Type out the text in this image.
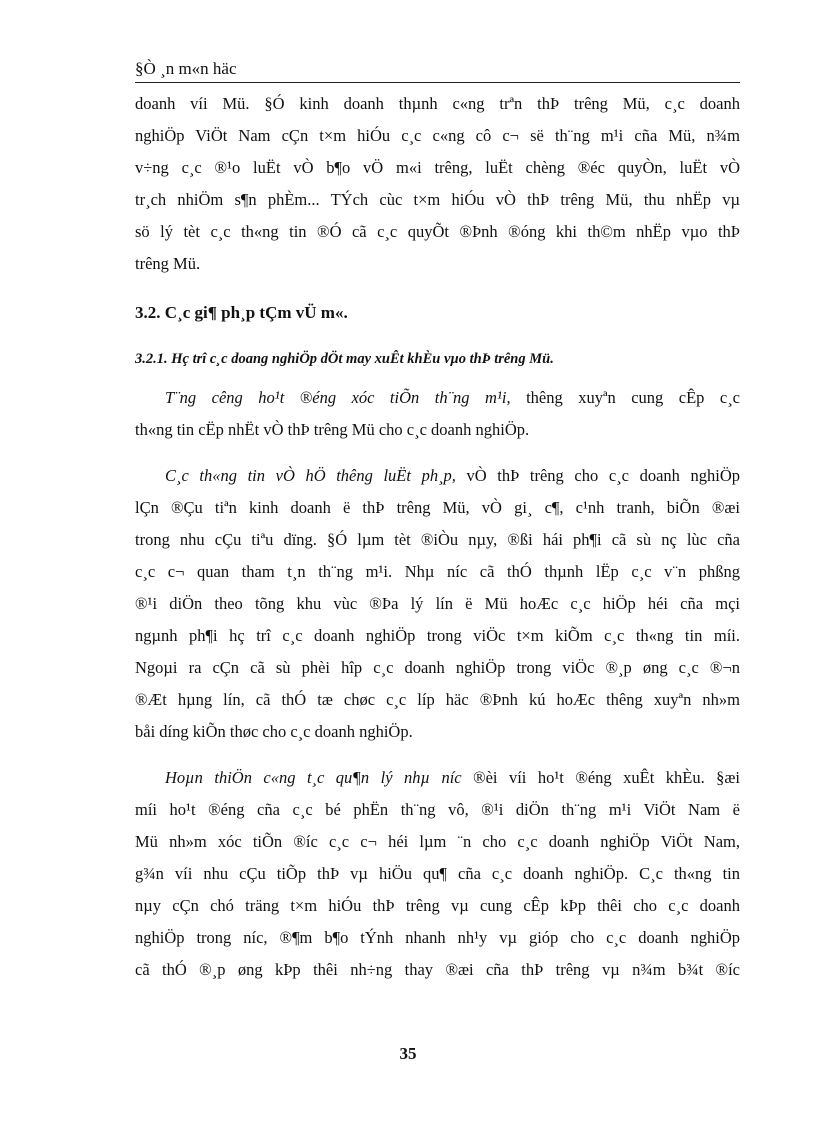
§Ò ¸n m«n häc
doanh víi Mü. §Ó kinh doanh thµnh c«ng trªn thÞ trêng Mü, c¸c doanh
nghiÖp ViÖt Nam cÇn t×m hiÓu c¸c c«ng cô c¬ së th¨ng m¹i cña Mü, n¾m
v÷ng c¸c ®¹o luËt vÒ b¶o vÖ m«i trêng, luËt chèng ®éc quyÒn, luËt vÒ
tr¸ch nhiÖm s¶n phÈm... TÝch cùc t×m hiÓu vÒ thÞ trêng Mü, thu nhËp vµ
sö lý tèt c¸c th«ng tin ®Ó cã c¸c quyÕt ®Þnh ®óng khi th©m nhËp vµo thÞ
trêng Mü.
3.2. C¸c gi¶ ph¸p tÇm vÜ m«.
3.2.1. Hç trî c¸c doang nghiÖp dÖt may xuÊt khÈu vµo thÞ trêng Mü.
T¨ng cêng ho¹t ®éng xóc tiÕn th¨ng m¹i, thêng xuyªn cung cÊp c¸c
th«ng tin cËp nhËt vÒ thÞ trêng Mü cho c¸c doanh nghiÖp.
C¸c th«ng tin vÒ hÖ thêng luËt ph¸p, vÒ thÞ trêng cho c¸c doanh nghiÖp
lÇn ®Çu tiªn kinh doanh ë thÞ trêng Mü, vÒ gi¸ c¶, c¹nh tranh, biÕn ®æi
trong nhu cÇu tiªu dïng. §Ó lµm tèt ®iÒu nµy, ®ßi hái ph¶i cã sù nç lùc cña
c¸c c¬ quan tham t¸n th¨ng m¹i. Nhµ níc cã thÓ thµnh lËp c¸c v¨n phßng
®¹i diÖn theo tõng khu vùc ®Þa lý lín ë Mü hoÆc c¸c hiÖp héi cña mçi
ngµnh ph¶i hç trî c¸c doanh nghiÖp trong viÖc t×m kiÕm c¸c th«ng tin míi.
Ngoµi ra cÇn cã sù phèi hîp c¸c doanh nghiÖp trong viÖc ®¸p øng c¸c ®¬n
®Æt hµng lín, cã thÓ tæ chøc c¸c líp häc ®Þnh kú hoÆc thêng xuyªn nh»m
båi díng kiÕn thøc cho c¸c doanh nghiÖp.
Hoµn thiÖn c«ng t¸c qu¶n lý nhµ níc ®èi víi ho¹t ®éng xuÊt khÈu. §æi
míi ho¹t ®éng cña c¸c bé phËn th¨ng vô, ®¹i diÖn th¨ng m¹i ViÖt Nam ë
Mü nh»m xóc tiÕn ®íc c¸c c¬ héi lµm ¨n cho c¸c doanh nghiÖp ViÖt Nam,
g¾n víi nhu cÇu tiÕp thÞ vµ hiÖu qu¶ cña c¸c doanh nghiÖp. C¸c th«ng tin
nµy cÇn chó träng t×m hiÓu thÞ trêng vµ cung cÊp kÞp thêi cho c¸c doanh
nghiÖp trong níc, ®¶m b¶o tÝnh nhanh nh¹y vµ gióp cho c¸c doanh nghiÖp
cã thÓ ®¸p øng kÞp thêi nh÷ng thay ®æi cña thÞ trêng vµ n¾m b¾t ®íc
35
